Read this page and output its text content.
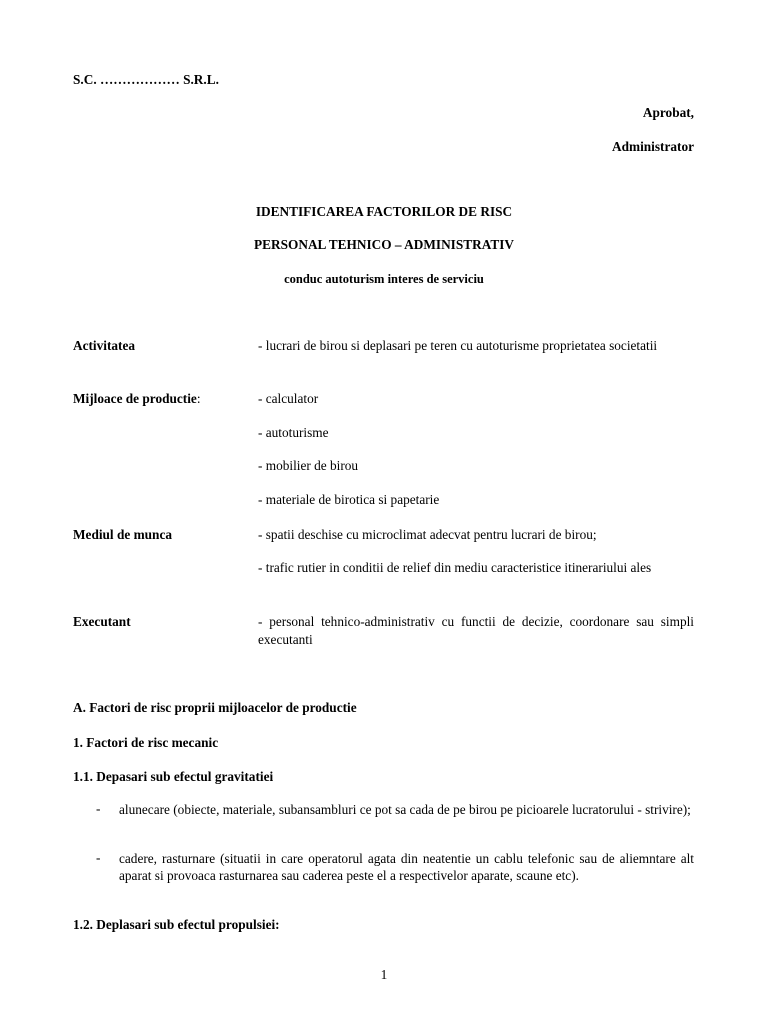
S.C. ……………… S.R.L.
Aprobat,
Administrator
IDENTIFICAREA FACTORILOR DE RISC
PERSONAL TEHNICO – ADMINISTRATIV
conduc autoturism interes de serviciu
Activitatea	- lucrari de birou si deplasari pe teren cu autoturisme proprietatea societatii
Mijloace de productie:	- calculator
- autoturisme
- mobilier de birou
- materiale de birotica si papetarie
Mediul de munca	- spatii deschise cu microclimat adecvat pentru lucrari de birou;
- trafic rutier in conditii de relief din mediu caracteristice itinerariului ales
Executant	- personal tehnico-administrativ cu functii de decizie, coordonare sau simpli executanti
A. Factori de risc proprii mijloacelor de productie
1. Factori de risc mecanic
1.1. Depasari sub efectul gravitatiei
- alunecare (obiecte, materiale, subansambluri ce pot sa cada de pe birou pe picioarele lucratorului - strivire);
- cadere, rasturnare (situatii in care operatorul agata din neatentie un cablu telefonic sau de aliemntare alt aparat si provoaca rasturnarea sau caderea peste el a respectivelor aparate, scaune etc).
1.2. Deplasari sub efectul propulsiei:
1
